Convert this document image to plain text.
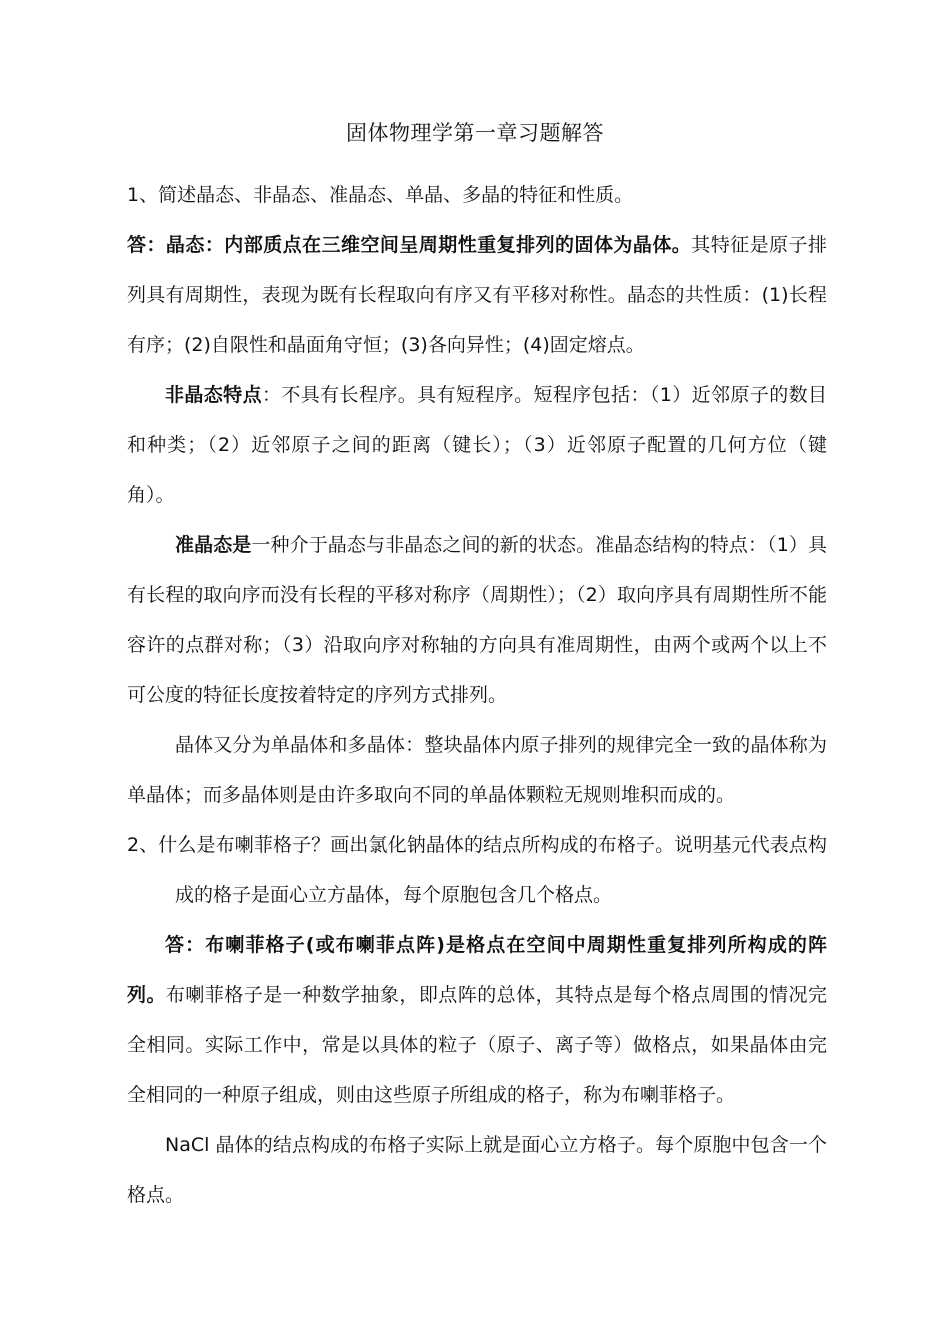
固体物理学第一章习题解答

1、简述晶态、非晶态、准晶态、单晶、多晶的特征和性质。

答：晶态：内部质点在三维空间呈周期性重复排列的固体为晶体。其特征是原子排列具有周期性，表现为既有长程取向有序又有平移对称性。晶态的共性质：(1)长程有序；(2)自限性和晶面角守恒；(3)各向异性；(4)固定熔点。

非晶态特点：不具有长程序。具有短程序。短程序包括：（1）近邻原子的数目和种类；（2）近邻原子之间的距离（键长）；（3）近邻原子配置的几何方位（键角）。

准晶态是一种介于晶态与非晶态之间的新的状态。准晶态结构的特点：（1）具有长程的取向序而没有长程的平移对称序（周期性）；（2）取向序具有周期性所不能容许的点群对称；（3）沿取向序对称轴的方向具有准周期性，由两个或两个以上不可公度的特征长度按着特定的序列方式排列。

晶体又分为单晶体和多晶体：整块晶体内原子排列的规律完全一致的晶体称为单晶体；而多晶体则是由许多取向不同的单晶体颗粒无规则堆积而成的。

2、什么是布喇菲格子？画出氯化钠晶体的结点所构成的布格子。说明基元代表点构成的格子是面心立方晶体，每个原胞包含几个格点。

答：布喇菲格子(或布喇菲点阵)是格点在空间中周期性重复排列所构成的阵列。布喇菲格子是一种数学抽象，即点阵的总体，其特点是每个格点周围的情况完全相同。实际工作中，常是以具体的粒子（原子、离子等）做格点，如果晶体由完全相同的一种原子组成，则由这些原子所组成的格子，称为布喇菲格子。

NaCl 晶体的结点构成的布格子实际上就是面心立方格子。每个原胞中包含一个格点。
